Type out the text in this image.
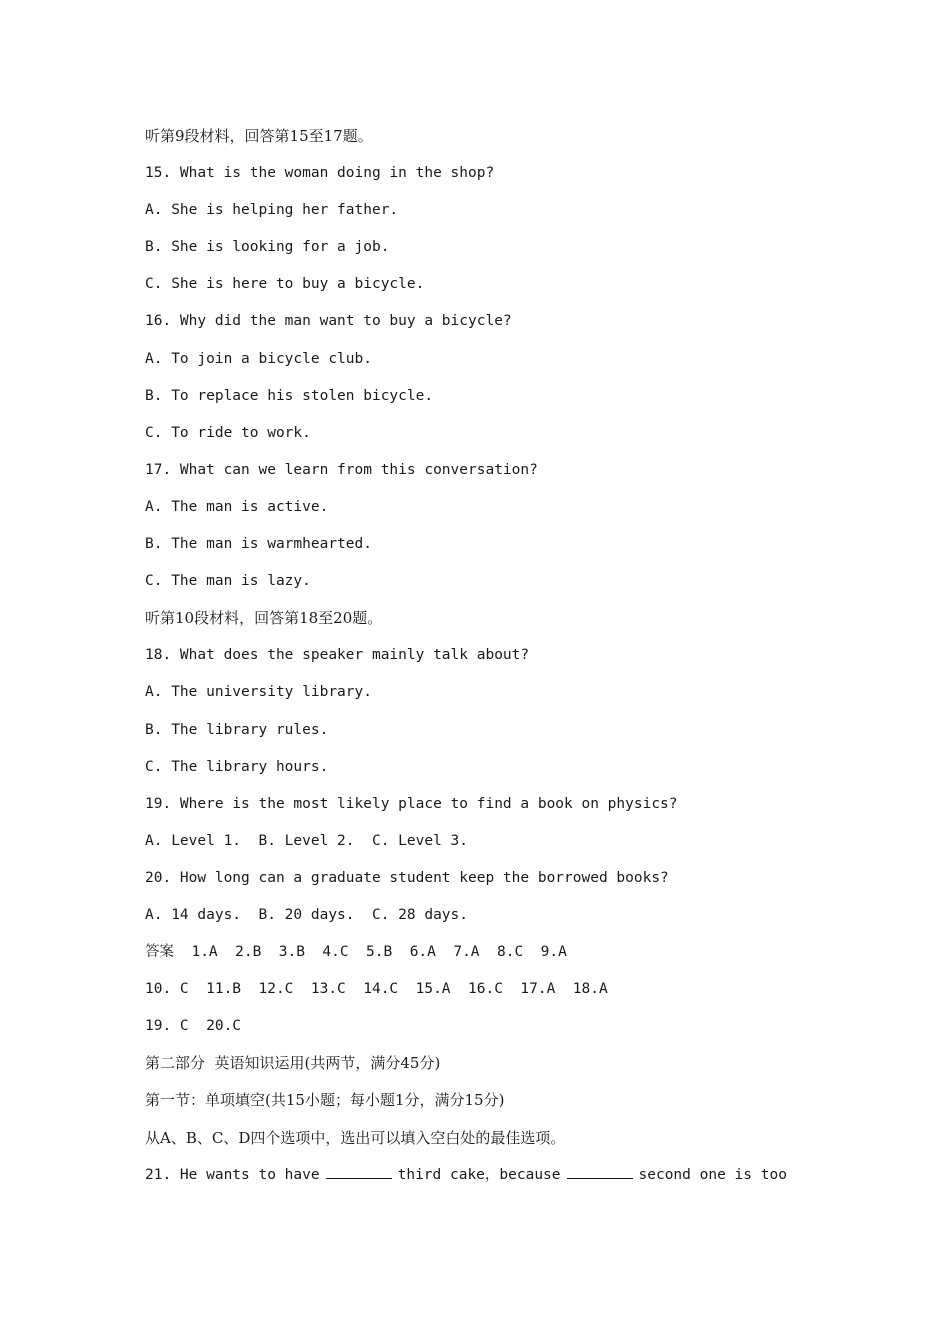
听第9段材料，回答第15至17题。
15. What is the woman doing in the shop?
A. She is helping her father.
B. She is looking for a job.
C. She is here to buy a bicycle.
16. Why did the man want to buy a bicycle?
A. To join a bicycle club.
B. To replace his stolen bicycle.
C. To ride to work.
17. What can we learn from this conversation?
A. The man is active.
B. The man is warmhearted.
C. The man is lazy.
听第10段材料，回答第18至20题。
18. What does the speaker mainly talk about?
A. The university library.
B. The library rules.
C. The library hours.
19. Where is the most likely place to find a book on physics?
A. Level 1.  B. Level 2.  C. Level 3.
20. How long can a graduate student keep the borrowed books?
A. 14 days.  B. 20 days.  C. 28 days.
答案  1.A  2.B  3.B  4.C  5.B  6.A  7.A  8.C  9.A
10. C  11.B  12.C  13.C  14.C  15.A  16.C  17.A  18.A
19. C  20.C
第二部分  英语知识运用(共两节，满分45分)
第一节：单项填空(共15小题；每小题1分，满分15分)
从A、B、C、D四个选项中，选出可以填入空白处的最佳选项。
21. He wants to have	third cake，because	second one is too
